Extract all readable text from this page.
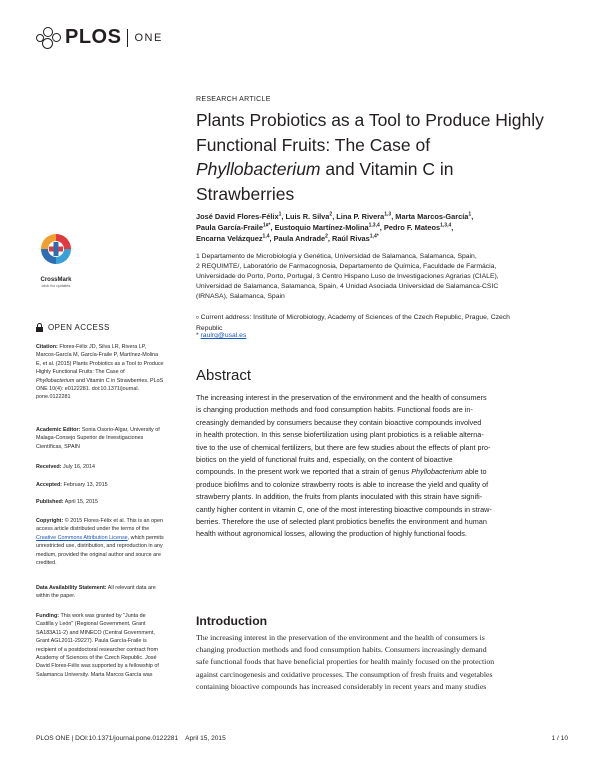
PLOS ONE
CrossMark
click for updates
OPEN ACCESS
Citation: Flores-Félix JD, Silva LR, Rivera LP,
Marcos-García M, García-Fraile P, Martínez-Molina
E, et al. (2015) Plants Probiotics as a Tool to Produce
Highly Functional Fruits: The Case of
Phyllobacterium and Vitamin C in Strawberries. PLoS
ONE 10(4): e0122281. doi:10.1371/journal.
pone.0122281
Academic Editor: Sonia Osorio-Algar, University of
Malaga-Consejo Superior de Investigaciones
Científicas, SPAIN
Received: July 16, 2014
Accepted: February 13, 2015
Published: April 15, 2015
Copyright: © 2015 Flores-Félix et al. This is an open
access article distributed under the terms of the
Creative Commons Attribution License, which permits
unrestricted use, distribution, and reproduction in any
medium, provided the original author and source are
credited.
Data Availability Statement: All relevant data are
within the paper.
Funding: This work was granted by "Junta de
Castilla y León" (Regional Government, Grant
SA183A11-2) and MINECO (Central Government,
Grant AGL2011-29227). Paula García-Fraile is
recipient of a postdoctoral researcher contract from
Academy of Sciences of the Czech Republic. José
David Flores-Félix was supported by a fellowship of
Salamanca University. Marta Marcos García was
RESEARCH ARTICLE
Plants Probiotics as a Tool to Produce Highly
Functional Fruits: The Case of
Phyllobacterium and Vitamin C in
Strawberries
José David Flores-Félix$^1$, Luis R. Silva$^2$, Lina P. Rivera$^{1,3}$, Marta Marcos-García$^1$,
Paula García-Fraile$^{1¤*}$, Eustoquio Martínez-Molina$^{1,3,4}$, Pedro F. Mateos$^{1,3,4}$,
Encarna Velázquez$^{1,4}$, Paula Andrade$^2$, Raúl Rivas$^{1,4*}$
1 Departamento de Microbiología y Genética, Universidad de Salamanca, Salamanca, Spain,
2 REQUIMTE/, Laboratório de Farmacognosia, Departamento de Química, Faculdade de Farmácia,
Universidade do Porto, Porto, Portugal, 3 Centro Hispano Luso de Investigaciones Agrarias (CIALE),
Universidad de Salamanca, Salamanca, Spain, 4 Unidad Asociada Universidad de Salamanca-CSIC
(IRNASA), Salamanca, Spain
¤ Current address: Institute of Microbiology, Academy of Sciences of the Czech Republic, Prague, Czech
Republic
* raulrg@usal.es
Abstract
The increasing interest in the preservation of the environment and the health of consumers
is changing production methods and food consumption habits. Functional foods are in-
creasingly demanded by consumers because they contain bioactive compounds involved
in health protection. In this sense biofertilization using plant probiotics is a reliable alterna-
tive to the use of chemical fertilizers, but there are few studies about the effects of plant pro-
biotics on the yield of functional fruits and, especially, on the content of bioactive
compounds. In the present work we reported that a strain of genus Phyllobacterium able to
produce biofilms and to colonize strawberry roots is able to increase the yield and quality of
strawberry plants. In addition, the fruits from plants inoculated with this strain have signifi-
cantly higher content in vitamin C, one of the most interesting bioactive compounds in straw-
berries. Therefore the use of selected plant probiotics benefits the environment and human
health without agronomical losses, allowing the production of highly functional foods.
Introduction
The increasing interest in the preservation of the environment and the health of consumers is
changing production methods and food consumption habits. Consumers increasingly demand
safe functional foods that have beneficial properties for health mainly focused on the protection
against carcinogenesis and oxidative processes. The consumption of fresh fruits and vegetables
containing bioactive compounds has increased considerably in recent years and many studies
PLOS ONE | DOI:10.1371/journal.pone.0122281    April 15, 2015	1 / 10
